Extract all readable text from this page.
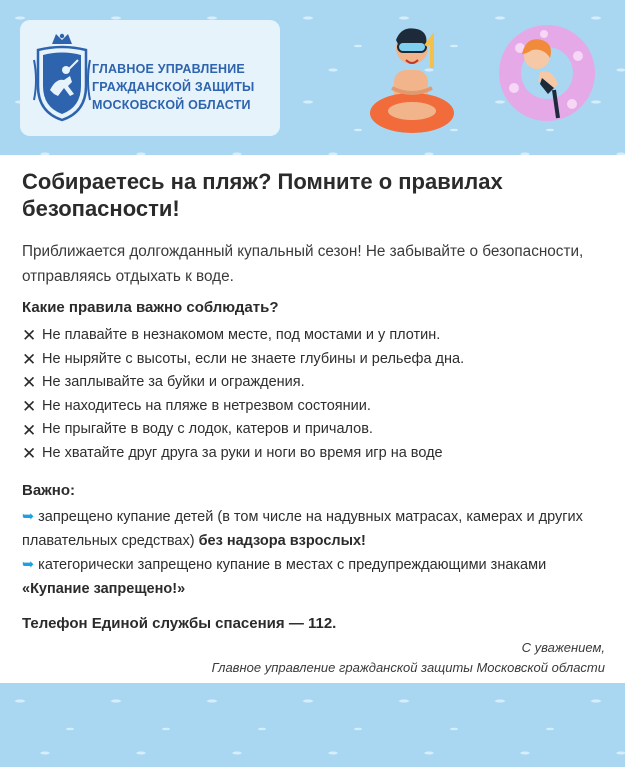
ГЛАВНОЕ УПРАВЛЕНИЕ
ГРАЖДАНСКОЙ ЗАЩИТЫ
МОСКОВСКОЙ ОБЛАСТИ
Собираетесь на пляж? Помните о правилах безопасности!

Приближается долгожданный купальный сезон! Не забывайте о безопасности, отправляясь отдыхать к воде.

Какие правила важно соблюдать?
✕ Не плавайте в незнакомом месте, под мостами и у плотин.
✕ Не ныряйте с высоты, если не знаете глубины и рельефа дна.
✕ Не заплывайте за буйки и ограждения.
✕ Не находитесь на пляже в нетрезвом состоянии.
✕ Не прыгайте в воду с лодок, катеров и причалов.
✕ Не хватайте друг друга за руки и ноги во время игр на воде
Важно:

➥ запрещено купание детей (в том числе на надувных матрасах, камерах и других плавательных средствах) без надзора взрослых!

➥ категорически запрещено купание в местах с предупреждающими знаками «Купание запрещено!»

Телефон Единой службы спасения — 112.
С уважением,
Главное управление гражданской защиты Московской области
